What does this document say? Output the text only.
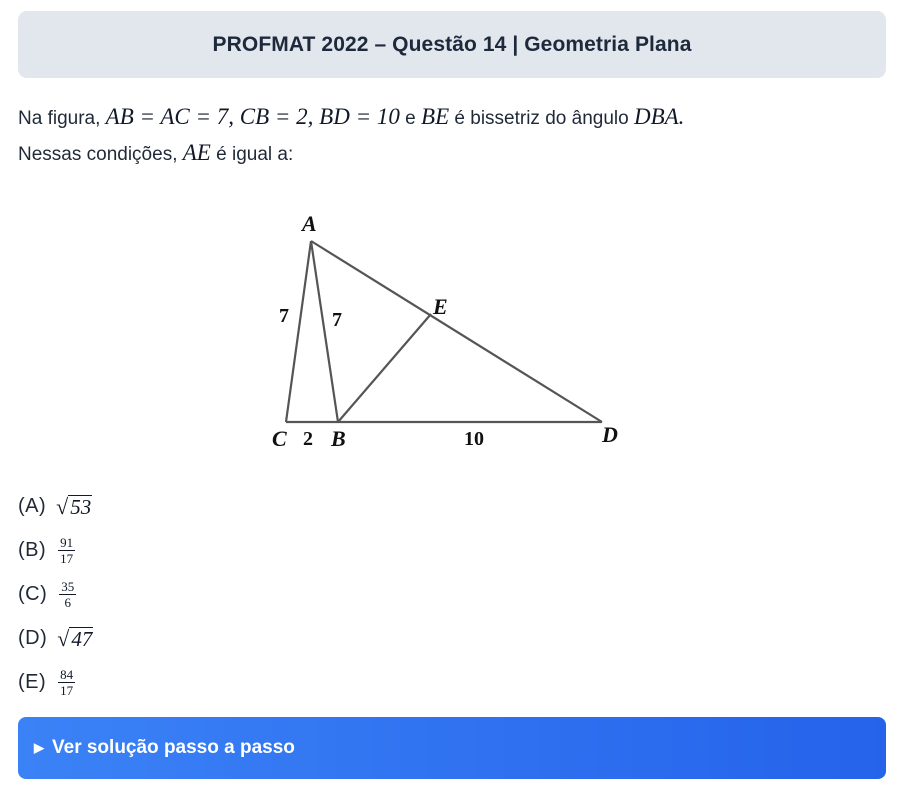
PROFMAT 2022 – Questão 14 | Geometria Plana

Na figura, AB = AC = 7, CB = 2, BD = 10 e BE é bissetriz do ângulo DBA.

Nessas condições, AE é igual a:

A
E
C B	D
7 7
2	10
(A) √ 53
$(B) \frac{91}{17}$
$(C) \frac{35}{6}$
(D) √ 47
$(E) \frac{84}{17}$
▶ Ver solução passo a passo
